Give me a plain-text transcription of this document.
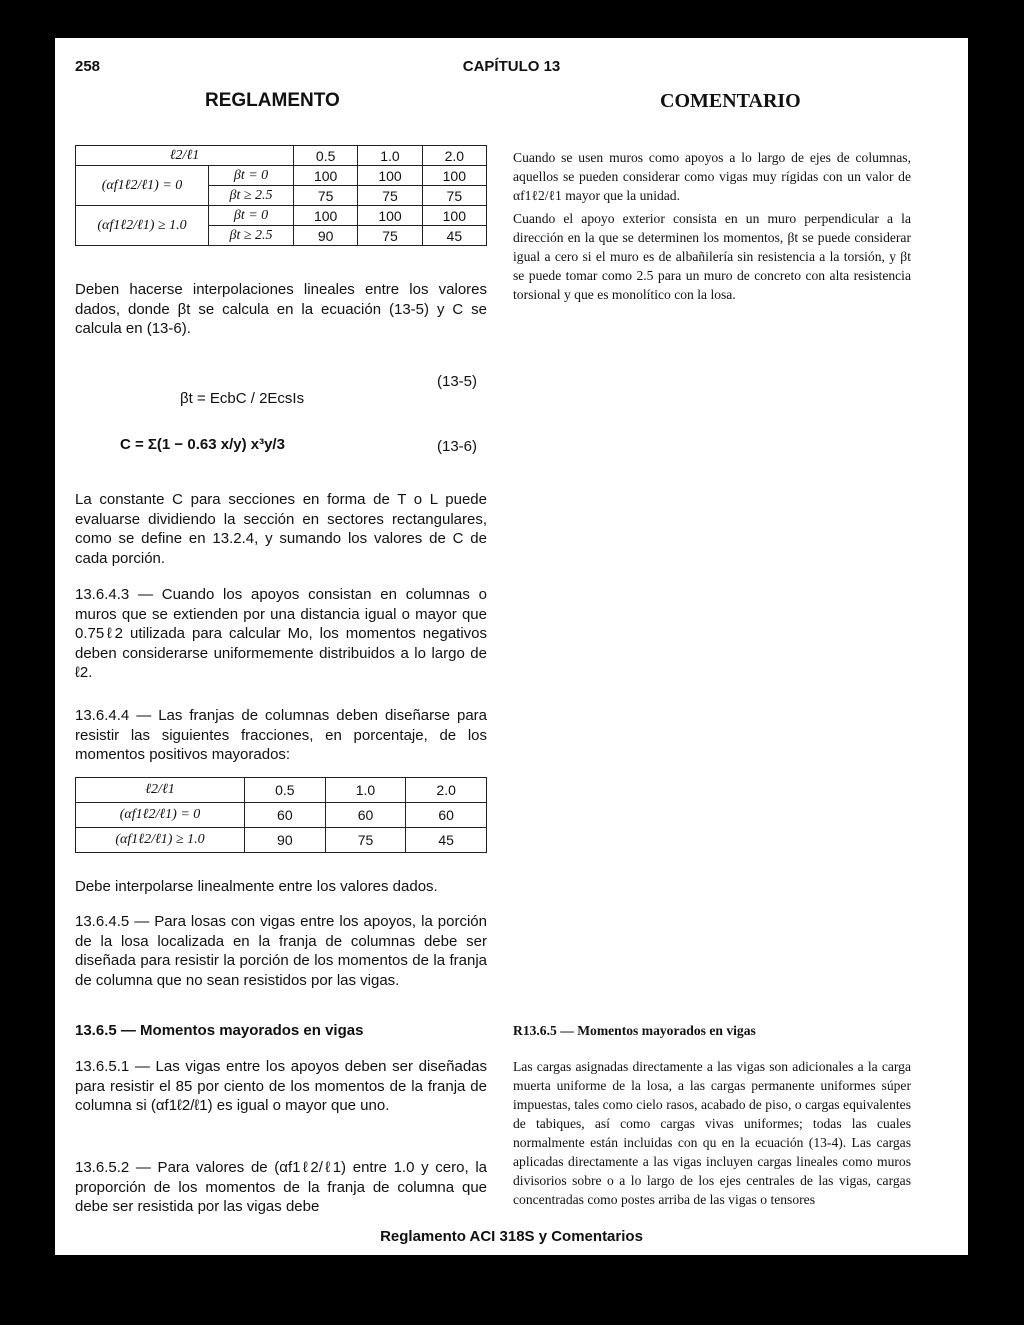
258	CAPÍTULO 13
REGLAMENTO	COMENTARIO
ℓ2/ℓ1		0.5	1.0	2.0
(αf1ℓ2/ℓ1) = 0	βt = 0	100	100	100
	βt ≥ 2.5	75	75	75
(αf1ℓ2/ℓ1) ≥ 1.0	βt = 0	100	100	100
	βt ≥ 2.5	90	75	45

Deben hacerse interpolaciones lineales entre los valores dados, donde βt se calcula en la ecuación (13-5) y C se calcula en (13-6).

βt = EcbC / 2EcsIs
(13-5)
C = Σ(1 − 0.63 x/y) x³y/3	(13-6)

La constante C para secciones en forma de T o L puede evaluarse dividiendo la sección en sectores rectangulares, como se define en 13.2.4, y sumando los valores de C de cada porción.

13.6.4.3 — Cuando los apoyos consistan en columnas o muros que se extienden por una distancia igual o mayor que 0.75ℓ2 utilizada para calcular Mo, los momentos negativos deben considerarse uniformemente distribuidos a lo largo de ℓ2.

13.6.4.4 — Las franjas de columnas deben diseñarse para resistir las siguientes fracciones, en porcentaje, de los momentos positivos mayorados:

ℓ2/ℓ1	0.5	1.0	2.0
(αf1ℓ2/ℓ1) = 0	60	60	60
(αf1ℓ2/ℓ1) ≥ 1.0	90	75	45

Debe interpolarse linealmente entre los valores dados.

13.6.4.5 — Para losas con vigas entre los apoyos, la porción de la losa localizada en la franja de columnas debe ser diseñada para resistir la porción de los momentos de la franja de columna que no sean resistidos por las vigas.

13.6.5 — Momentos mayorados en vigas

13.6.5.1 — Las vigas entre los apoyos deben ser diseñadas para resistir el 85 por ciento de los momentos de la franja de columna si (αf1ℓ2/ℓ1) es igual o mayor que uno.

13.6.5.2 — Para valores de (αf1ℓ2/ℓ1) entre 1.0 y cero, la proporción de los momentos de la franja de columna que debe ser resistida por las vigas debe

Cuando se usen muros como apoyos a lo largo de ejes de columnas, aquellos se pueden considerar como vigas muy rígidas con un valor de αf1ℓ2/ℓ1 mayor que la unidad.

Cuando el apoyo exterior consista en un muro perpendicular a la dirección en la que se determinen los momentos, βt se puede considerar igual a cero si el muro es de albañilería sin resistencia a la torsión, y βt se puede tomar como 2.5 para un muro de concreto con alta resistencia torsional y que es monolítico con la losa.

R13.6.5 — Momentos mayorados en vigas

Las cargas asignadas directamente a las vigas son adicionales a la carga muerta uniforme de la losa, a las cargas permanente uniformes súper impuestas, tales como cielo rasos, acabado de piso, o cargas equivalentes de tabiques, así como cargas vivas uniformes; todas las cuales normalmente están incluidas con qu en la ecuación (13-4). Las cargas aplicadas directamente a las vigas incluyen cargas lineales como muros divisorios sobre o a lo largo de los ejes centrales de las vigas, cargas concentradas como postes arriba de las vigas o tensores

Reglamento ACI 318S y Comentarios
